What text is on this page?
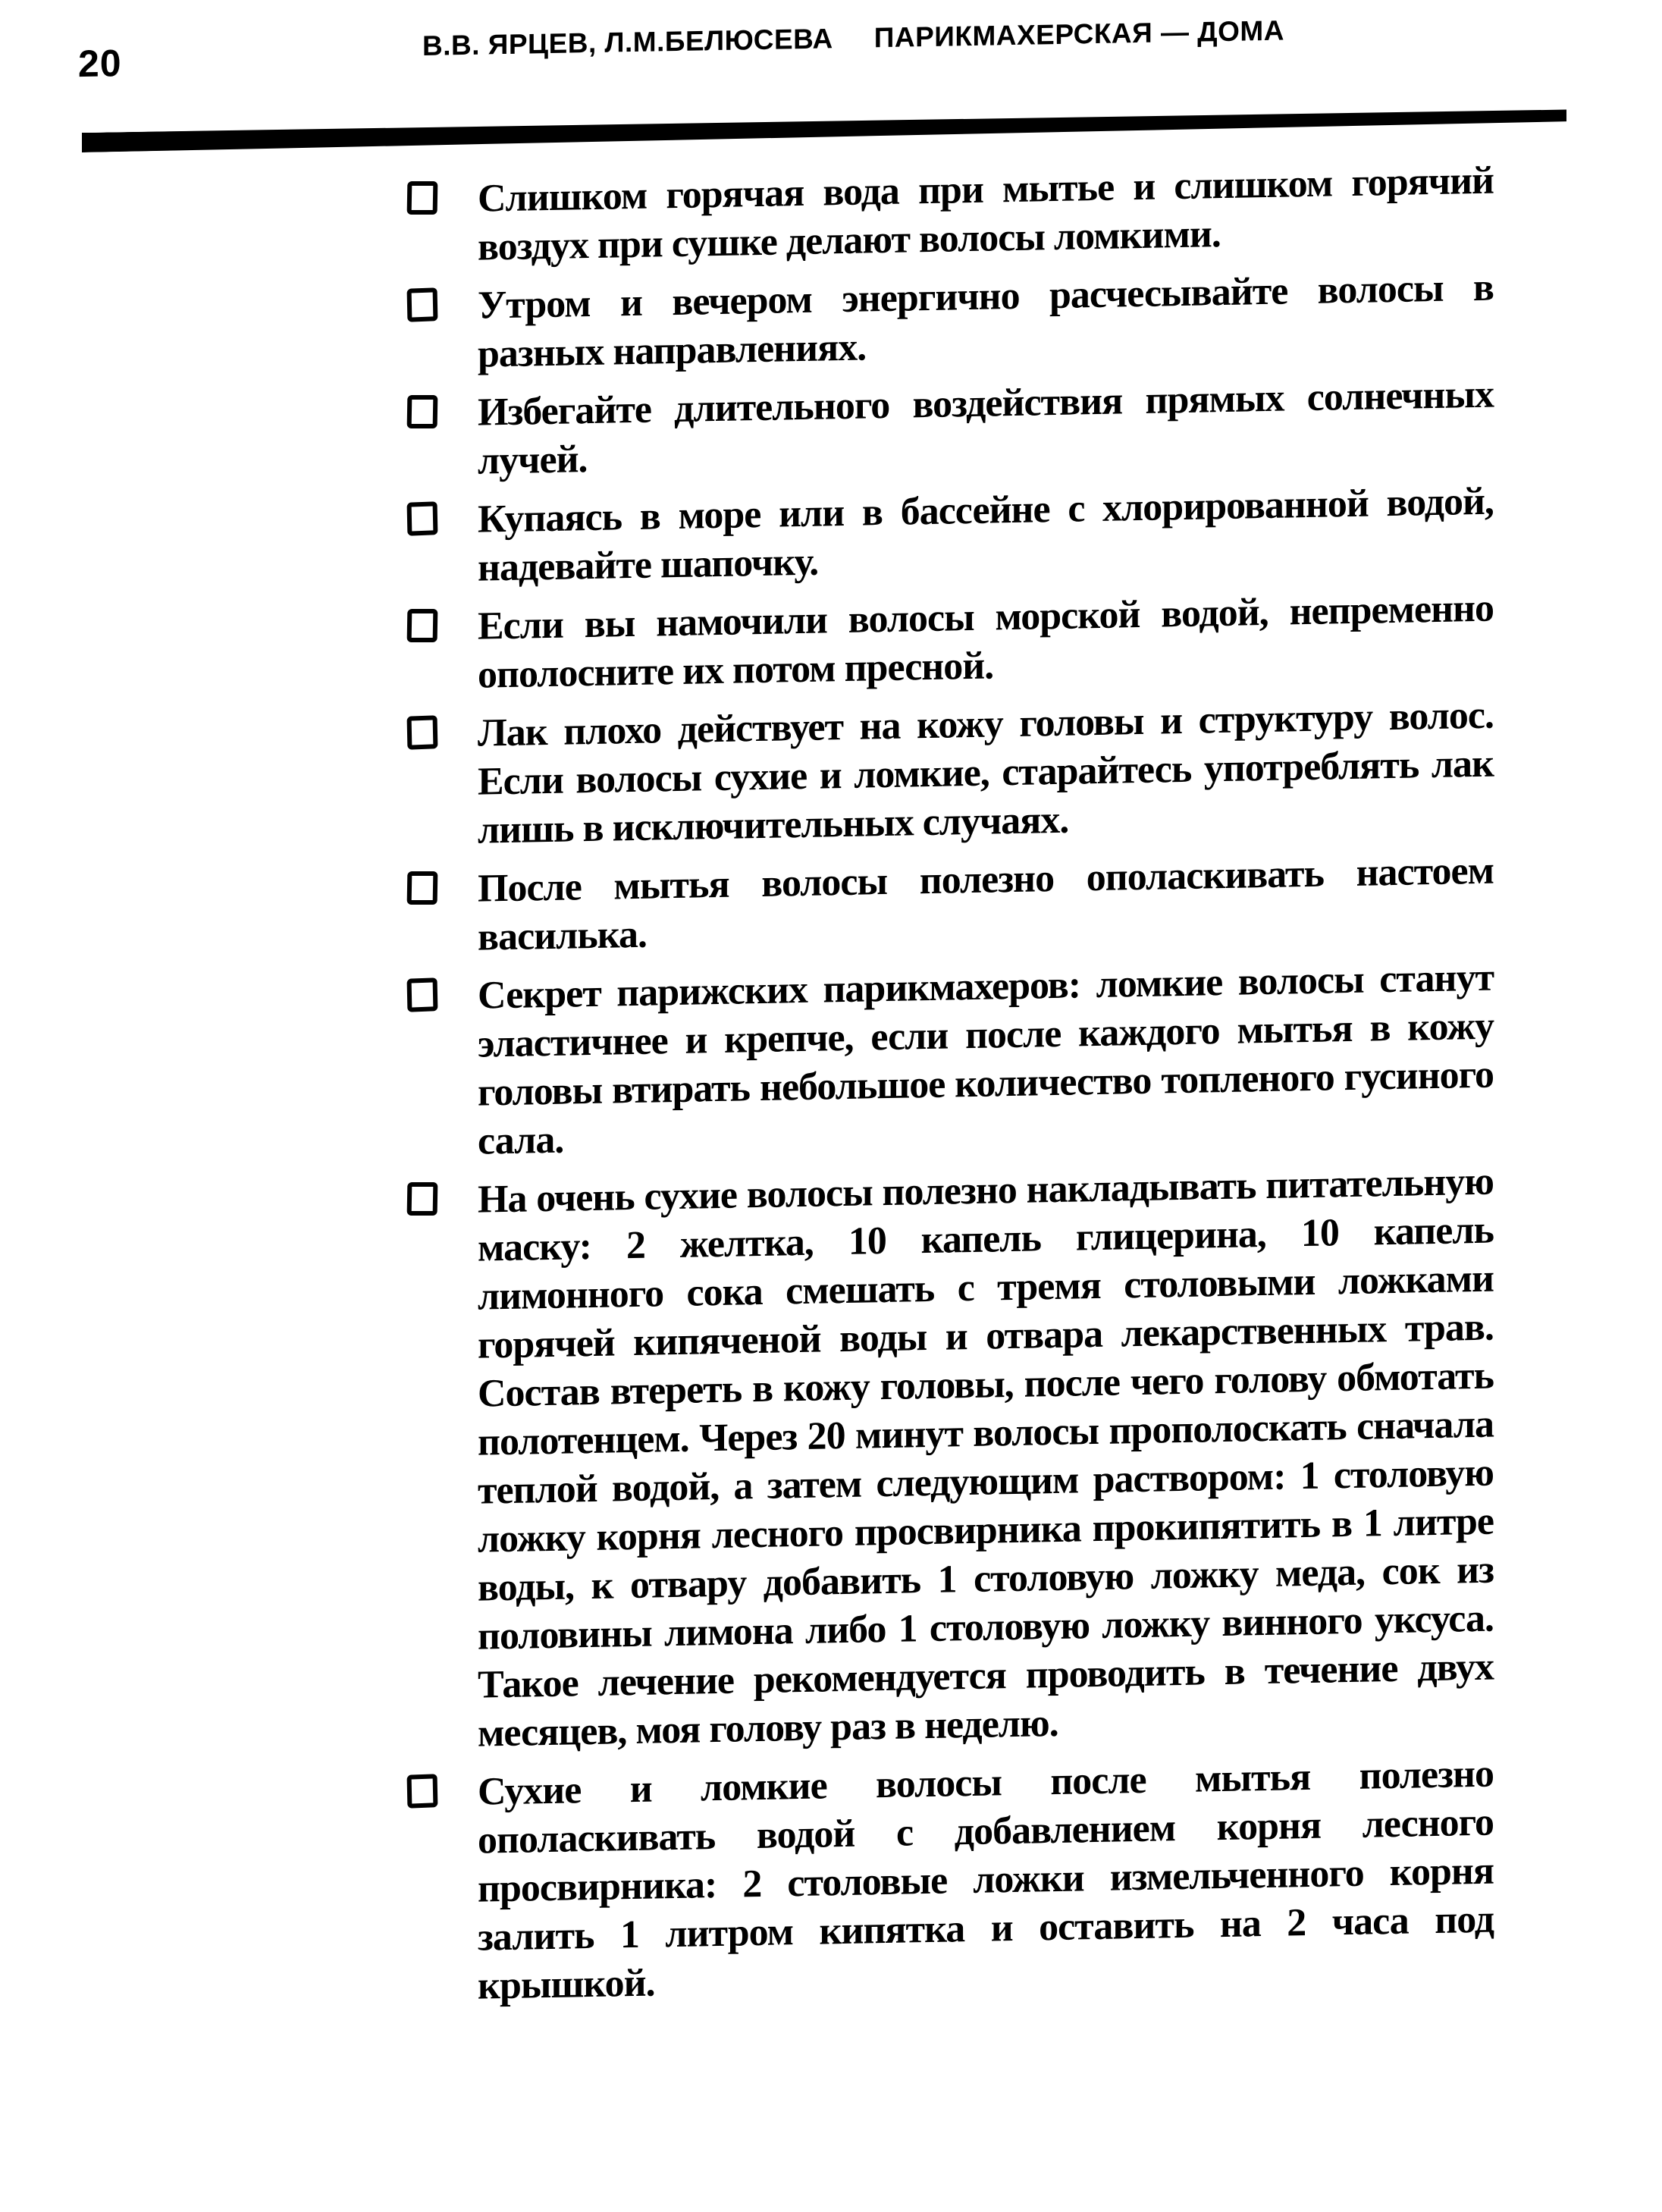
20	В.В. ЯРЦЕВ, Л.М.БЕЛЮСЕВА ПАРИКМАХЕРСКАЯ — ДОМА

Слишком горячая вода при мытье и слишком горячий воздух при сушке делают волосы ломкими.

Утром и вечером энергично расчесывайте волосы в разных направлениях.

Избегайте длительного воздействия прямых солнечных лучей.

Купаясь в море или в бассейне с хлорированной водой, надевайте шапочку.

Если вы намочили волосы морской водой, непременно ополосните их потом пресной.

Лак плохо действует на кожу головы и структуру волос. Если волосы сухие и ломкие, старайтесь употреблять лак лишь в исключительных случаях.

После мытья волосы полезно ополаскивать настоем василька.

Секрет парижских парикмахеров: ломкие волосы станут эластичнее и крепче, если после каждого мытья в кожу головы втирать небольшое количество топленого гусиного сала.

На очень сухие волосы полезно накладывать питательную маску: 2 желтка, 10 капель глицерина, 10 капель лимонного сока смешать с тремя столовыми ложками горячей кипяченой воды и отвара лекарственных трав. Состав втереть в кожу головы, после чего голову обмотать полотенцем. Через 20 минут волосы прополоскать сначала теплой водой, а затем следующим раствором: 1 столовую ложку корня лесного просвирника прокипятить в 1 литре воды, к отвару добавить 1 столовую ложку меда, сок из половины лимона либо 1 столовую ложку винного уксуса. Такое лечение рекомендуется проводить в течение двух месяцев, моя голову раз в неделю.

Сухие и ломкие волосы после мытья полезно ополаскивать водой с добавлением корня лесного просвирника: 2 столовые ложки измельченного корня залить 1 литром кипятка и оставить на 2 часа под крышкой.
